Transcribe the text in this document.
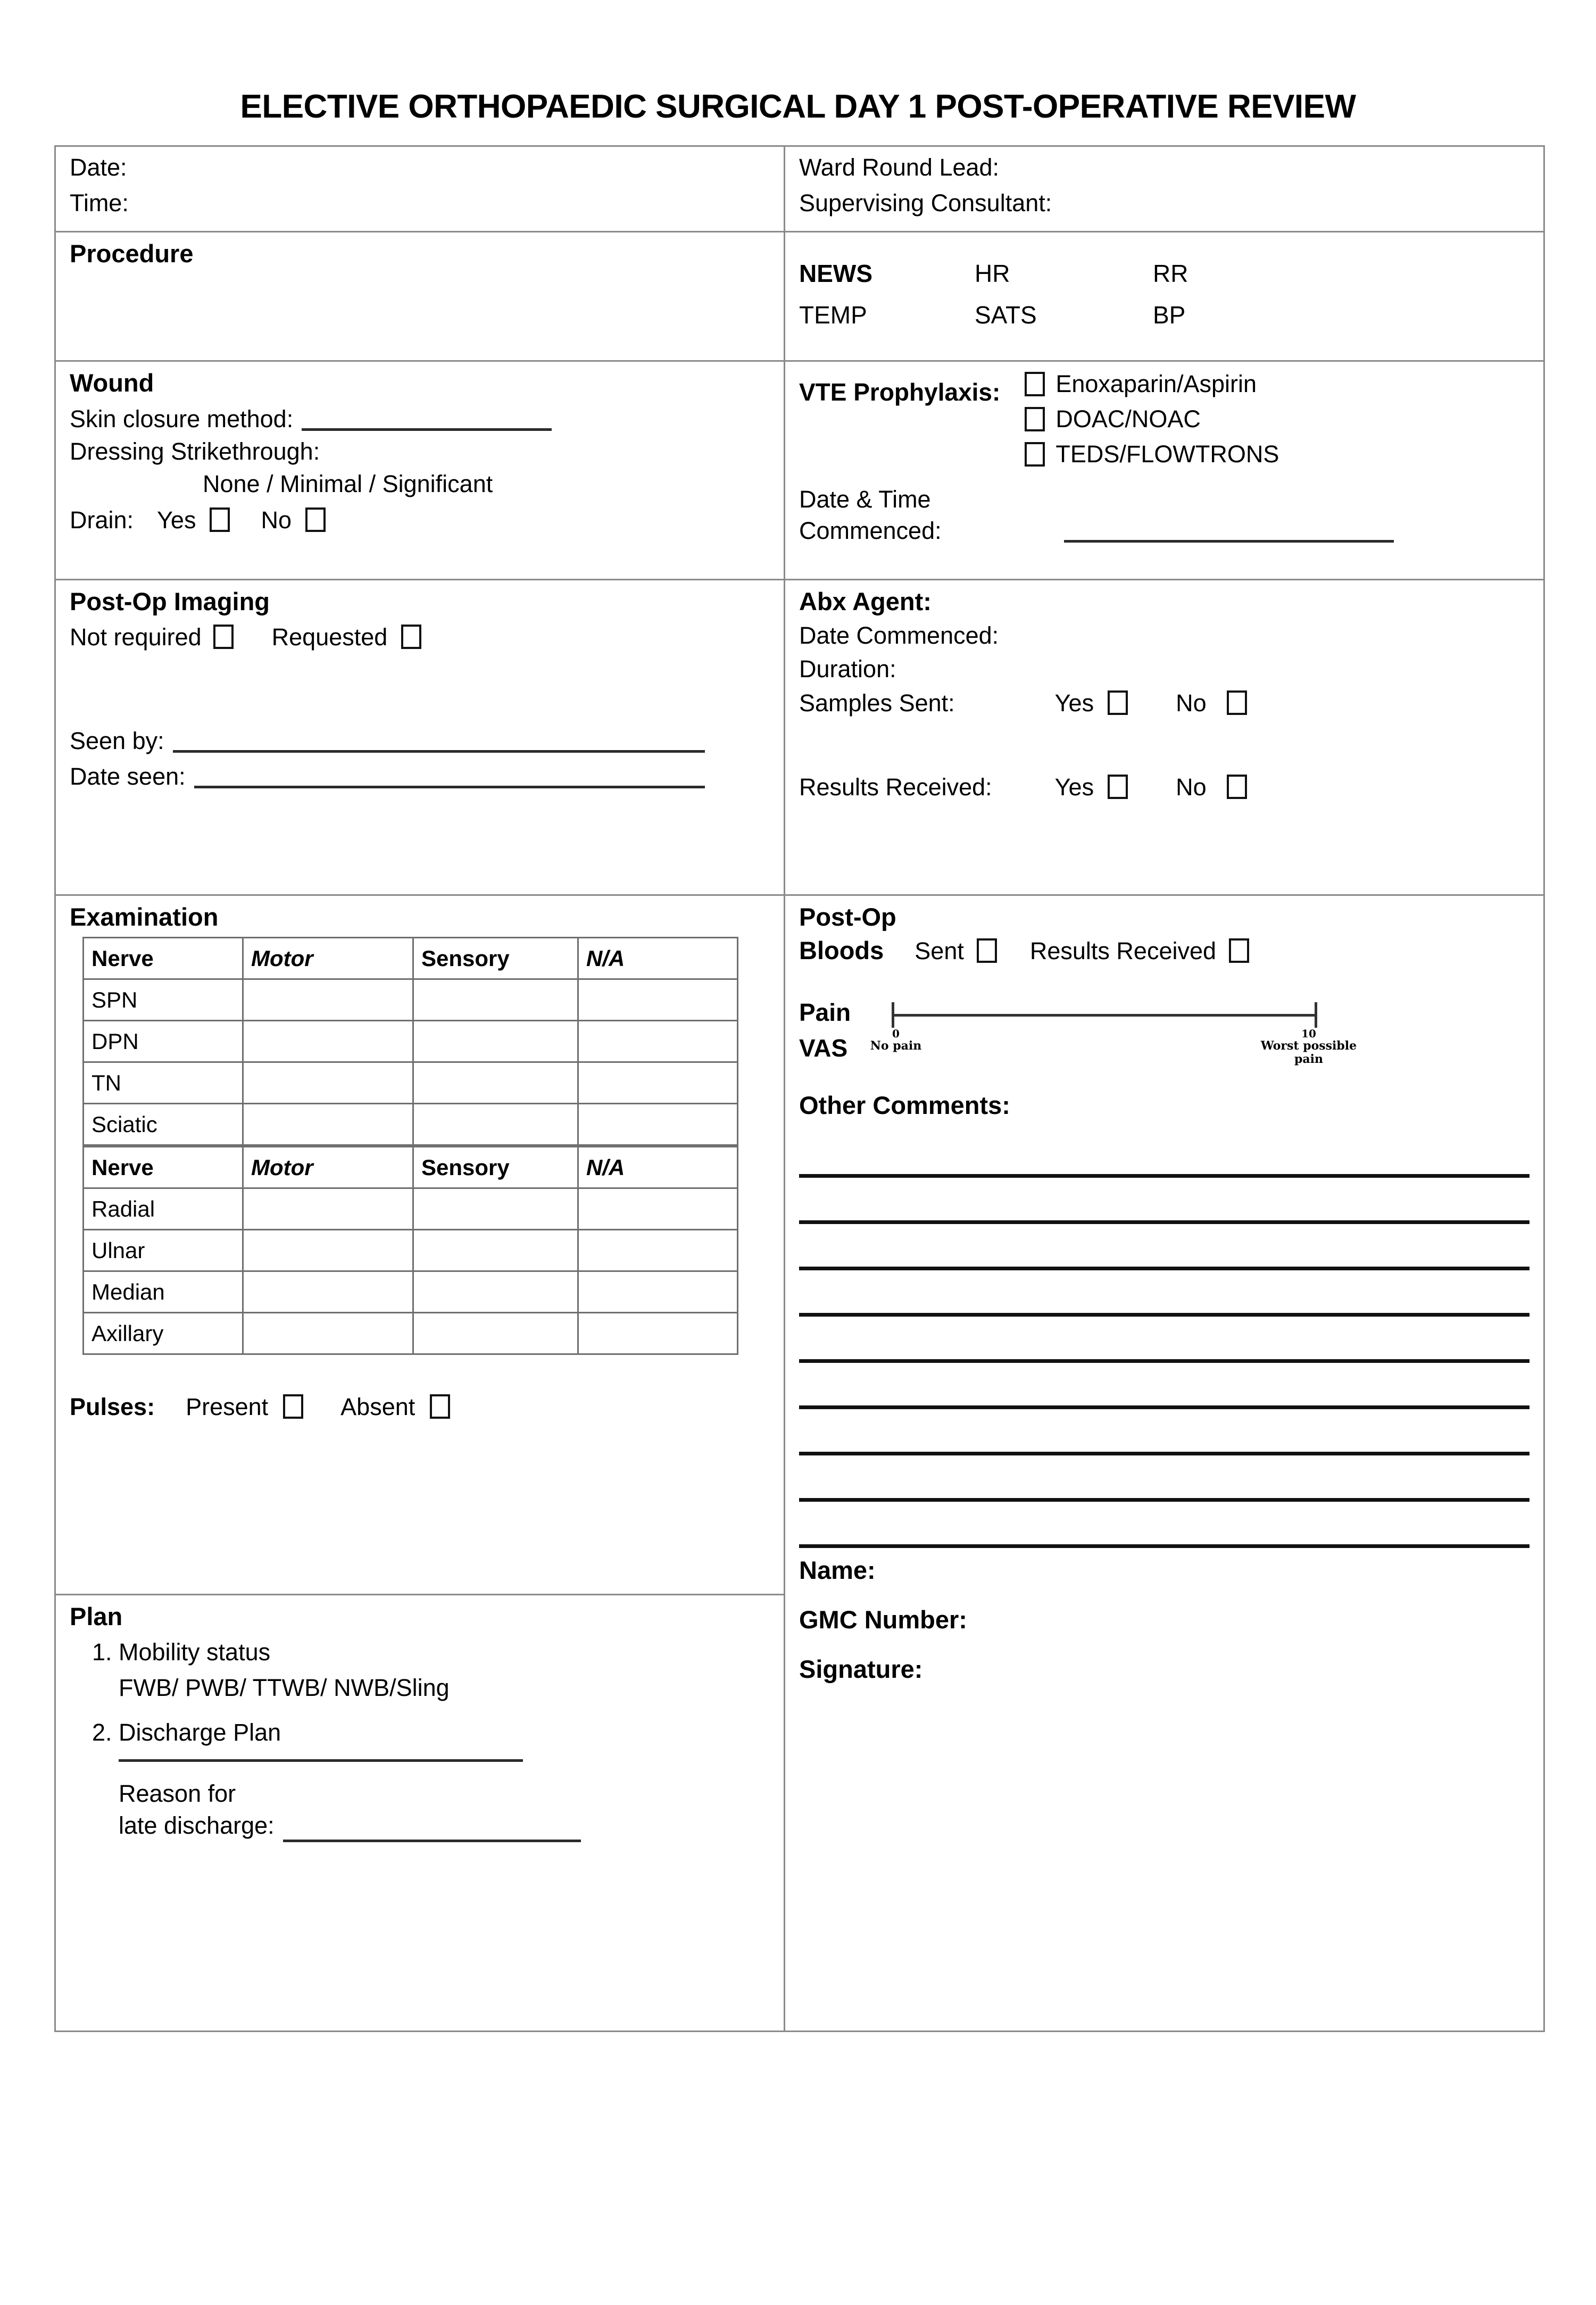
ELECTIVE ORTHOPAEDIC SURGICAL DAY 1 POST-OPERATIVE REVIEW
Date:
Time:

Ward Round Lead:
Supervising Consultant:

Procedure

NEWS	HR	RR
TEMP	SATS	BP

Wound
Skin closure method:
Dressing Strikethrough:
None / Minimal / Significant
Drain: Yes	No

VTE Prophylaxis: Enoxaparin/Aspirin
DOAC/NOAC
TEDS/FLOWTRONS
Date & Time
Commenced:

Post-Op Imaging
Not required	Requested
Seen by:
Date seen:

Abx Agent:
Date Commenced:
Duration:
Samples Sent:	Yes	No
Results Received:	Yes	No

Examination
Nerve	Motor	Sensory	N/A
SPN			
DPN			
TN			
Sciatic			
Nerve	Motor	Sensory	N/A
Radial			
Ulnar			
Median			
Axillary			
Pulses: Present	Absent

Post-Op
Bloods Sent	Results Received
Pain
VAS
0
No pain
10
Worst possible
pain
Other Comments:
Name:
GMC Number:
Signature:

Plan
1. Mobility status
FWB/ PWB/ TTWB/ NWB/Sling
2. Discharge Plan
Reason for
late discharge:
